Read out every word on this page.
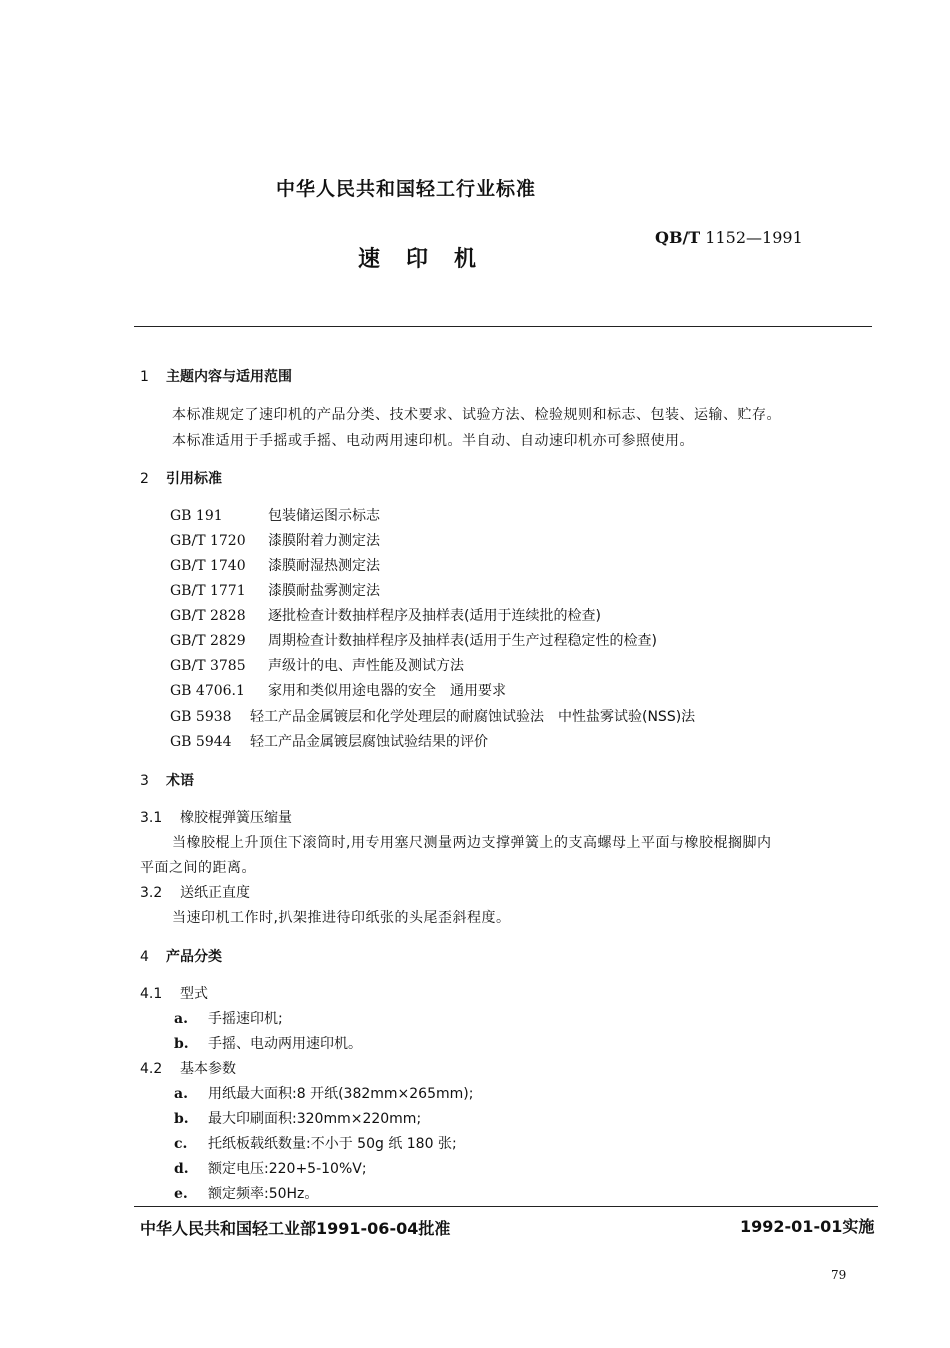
中华人民共和国轻工行业标准
QB/T 1152—1991
速印机
1 主题内容与适用范围
本标准规定了速印机的产品分类、技术要求、试验方法、检验规则和标志、包装、运输、贮存。
本标准适用于手摇或手摇、电动两用速印机。半自动、自动速印机亦可参照使用。
2 引用标准
GB 191	包装储运图示标志
GB/T 1720 漆膜附着力测定法
GB/T 1740 漆膜耐湿热测定法
GB/T 1771 漆膜耐盐雾测定法
GB/T 2828 逐批检查计数抽样程序及抽样表(适用于连续批的检查)
GB/T 2829 周期检查计数抽样程序及抽样表(适用于生产过程稳定性的检查)
GB/T 3785 声级计的电、声性能及测试方法
GB 4706.1 家用和类似用途电器的安全　通用要求
GB 5938 轻工产品金属镀层和化学处理层的耐腐蚀试验法　中性盐雾试验(NSS)法
GB 5944 轻工产品金属镀层腐蚀试验结果的评价
3 术语
3.1 橡胶棍弹簧压缩量
当橡胶棍上升顶住下滚筒时,用专用塞尺测量两边支撑弹簧上的支高螺母上平面与橡胶棍搁脚内
平面之间的距离。
3.2 送纸正直度
当速印机工作时,扒架推进待印纸张的头尾歪斜程度。
4 产品分类
4.1 型式
a. 手摇速印机;
b. 手摇、电动两用速印机。
4.2 基本参数
a. 用纸最大面积:8 开纸(382mm×265mm);
b. 最大印刷面积:320mm×220mm;
c. 托纸板载纸数量:不小于 50g 纸 180 张;
d. 额定电压:220+5-10%V;
e. 额定频率:50Hz。
中华人民共和国轻工业部1991-06-04批准	1992-01-01实施
79
